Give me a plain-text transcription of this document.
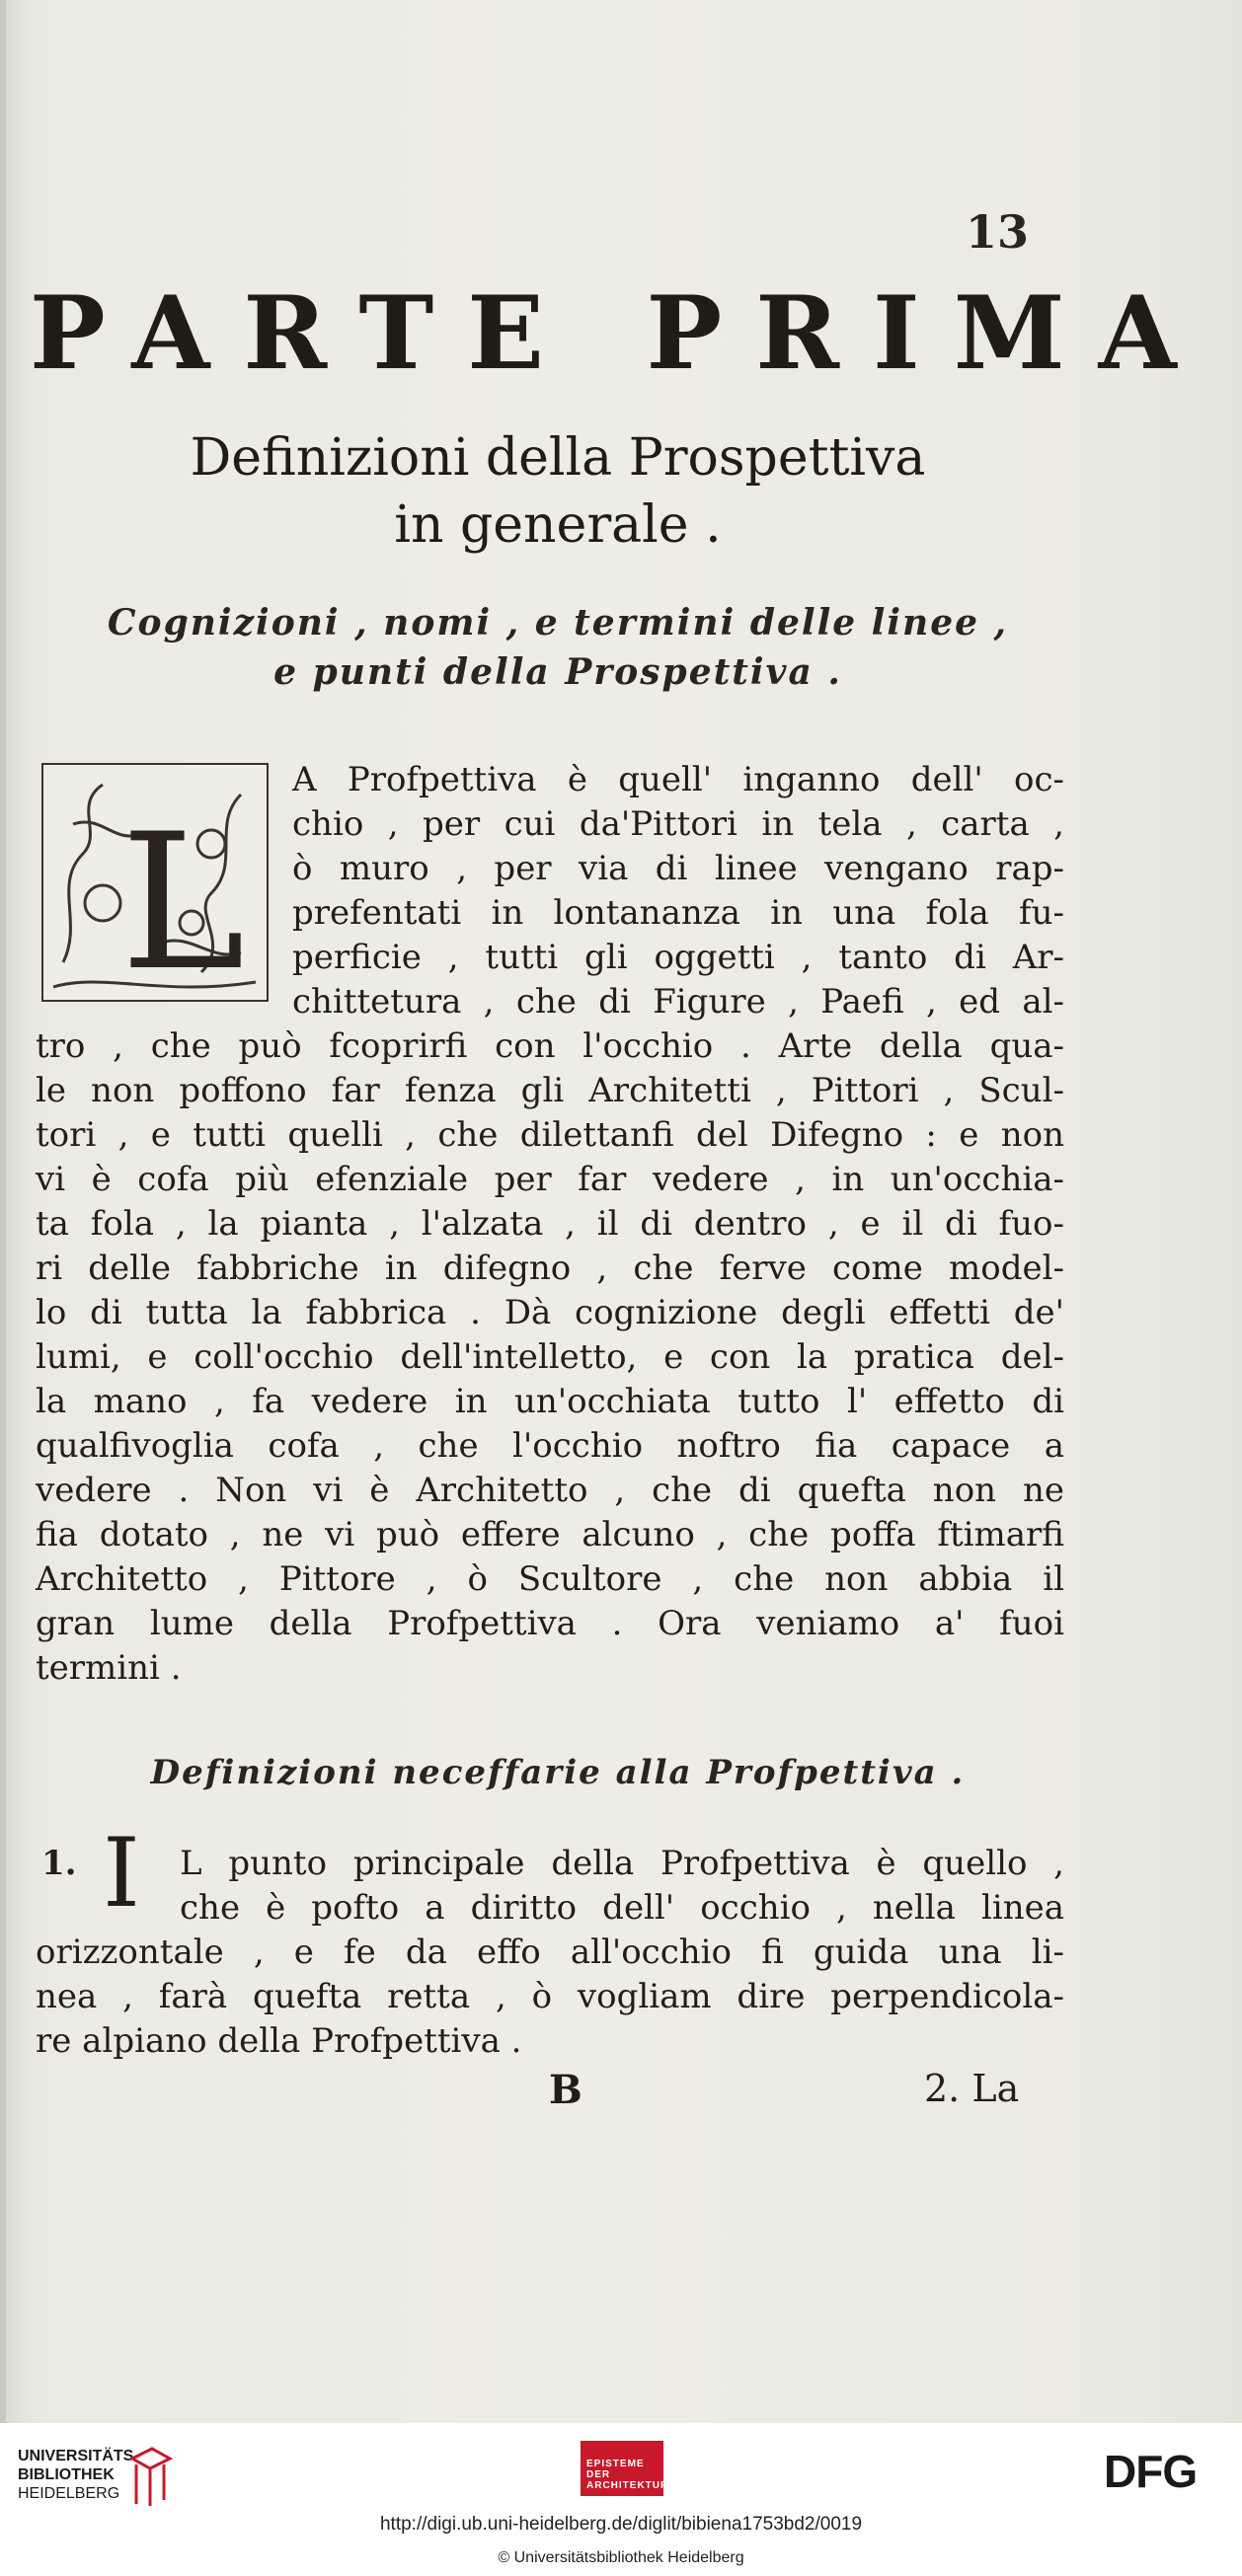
13
PARTE PRIMA
Definizioni della Prospettiva
in generale .
Cognizioni , nomi , e termini delle linee ,
e punti della Prospettiva .
L
A Profpettiva è quell' inganno dell' oc-
chio , per cui da'Pittori in tela , carta ,
ò muro , per via di linee vengano rap-
prefentati in lontananza in una fola fu-
perficie , tutti gli oggetti , tanto di Ar-
chittetura , che di Figure , Paefi , ed al-
tro , che può fcoprirfi con l'occhio . Arte della qua-
le non poffono far fenza gli Architetti , Pittori , Scul-
tori , e tutti quelli , che dilettanfi del Difegno : e non
vi è cofa più efenziale per far vedere , in un'occhia-
ta fola , la pianta , l'alzata , il di dentro , e il di fuo-
ri delle fabbriche in difegno , che ferve come model-
lo di tutta la fabbrica . Dà cognizione degli effetti de'
lumi, e coll'occhio dell'intelletto, e con la pratica del-
la mano , fa vedere in un'occhiata tutto l' effetto di
qualfivoglia cofa , che l'occhio noftro fia capace a
vedere . Non vi è Architetto , che di quefta non ne
fia dotato , ne vi può effere alcuno , che poffa ftimarfi
Architetto , Pittore , ò Scultore , che non abbia il
gran lume della Profpettiva . Ora veniamo a' fuoi
termini .
Definizioni neceffarie alla Profpettiva .
1. I L punto principale della Profpettiva è quello ,
che è pofto a diritto dell' occhio , nella linea
orizzontale , e fe da effo all'occhio fi guida una li-
nea , farà quefta retta , ò vogliam dire perpendicola-
re alpiano della Profpettiva .
B	2. La
UNIVERSITÄTS-
BIBLIOTHEK
HEIDELBERG
EPISTEME DER ARCHITEKTUR	DFG
http://digi.ub.uni-heidelberg.de/diglit/bibiena1753bd2/0019
© Universitätsbibliothek Heidelberg
